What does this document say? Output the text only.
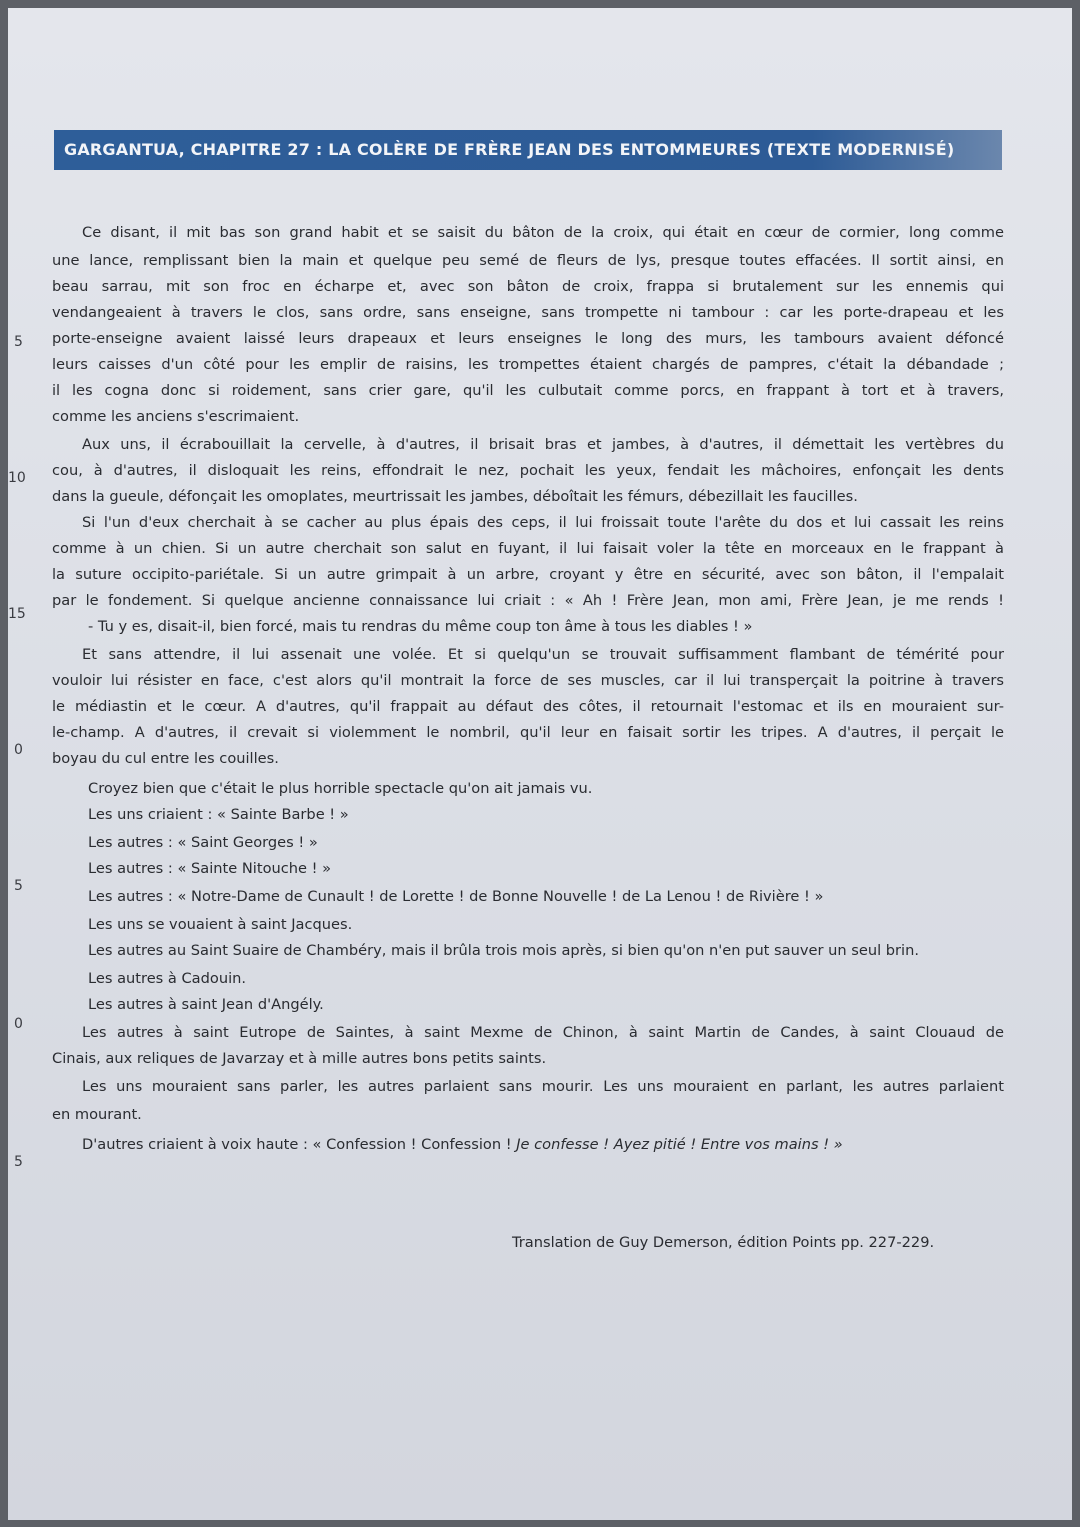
GARGANTUA, CHAPITRE 27 : LA COLÈRE DE FRÈRE JEAN DES ENTOMMEURES (TEXTE MODERNISÉ)
5
10
15
0
5
0
5
Ce disant, il mit bas son grand habit et se saisit du bâton de la croix, qui était en cœur de cormier, long comme
une lance, remplissant bien la main et quelque peu semé de fleurs de lys, presque toutes effacées. Il sortit ainsi, en
beau sarrau, mit son froc en écharpe et, avec son bâton de croix, frappa si brutalement sur les ennemis qui
vendangeaient à travers le clos, sans ordre, sans enseigne, sans trompette ni tambour : car les porte-drapeau et les
porte-enseigne avaient laissé leurs drapeaux et leurs enseignes le long des murs, les tambours avaient défoncé
leurs caisses d'un côté pour les emplir de raisins, les trompettes étaient chargés de pampres, c'était la débandade ;
il les cogna donc si roidement, sans crier gare, qu'il les culbutait comme porcs, en frappant à tort et à travers,
comme les anciens s'escrimaient.
Aux uns, il écrabouillait la cervelle, à d'autres, il brisait bras et jambes, à d'autres, il démettait les vertèbres du
cou, à d'autres, il disloquait les reins, effondrait le nez, pochait les yeux, fendait les mâchoires, enfonçait les dents
dans la gueule, défonçait les omoplates, meurtrissait les jambes, déboîtait les fémurs, débezillait les faucilles.
Si l'un d'eux cherchait à se cacher au plus épais des ceps, il lui froissait toute l'arête du dos et lui cassait les reins
comme à un chien. Si un autre cherchait son salut en fuyant, il lui faisait voler la tête en morceaux en le frappant à
la suture occipito-pariétale. Si un autre grimpait à un arbre, croyant y être en sécurité, avec son bâton, il l'empalait
par le fondement. Si quelque ancienne connaissance lui criait : « Ah ! Frère Jean, mon ami, Frère Jean, je me rends !
- Tu y es, disait-il, bien forcé, mais tu rendras du même coup ton âme à tous les diables ! »
Et sans attendre, il lui assenait une volée. Et si quelqu'un se trouvait suffisamment flambant de témérité pour
vouloir lui résister en face, c'est alors qu'il montrait la force de ses muscles, car il lui transperçait la poitrine à travers
le médiastin et le cœur. A d'autres, qu'il frappait au défaut des côtes, il retournait l'estomac et ils en mouraient sur-
le-champ. A d'autres, il crevait si violemment le nombril, qu'il leur en faisait sortir les tripes. A d'autres, il perçait le
boyau du cul entre les couilles.
Croyez bien que c'était le plus horrible spectacle qu'on ait jamais vu.
Les uns criaient : « Sainte Barbe ! »
Les autres : « Saint Georges ! »
Les autres : « Sainte Nitouche ! »
Les autres : « Notre-Dame de Cunault ! de Lorette ! de Bonne Nouvelle ! de La Lenou ! de Rivière ! »
Les uns se vouaient à saint Jacques.
Les autres au Saint Suaire de Chambéry, mais il brûla trois mois après, si bien qu'on n'en put sauver un seul brin.
Les autres à Cadouin.
Les autres à saint Jean d'Angély.
Les autres à saint Eutrope de Saintes, à saint Mexme de Chinon, à saint Martin de Candes, à saint Clouaud de
Cinais, aux reliques de Javarzay et à mille autres bons petits saints.
Les uns mouraient sans parler, les autres parlaient sans mourir. Les uns mouraient en parlant, les autres parlaient
en mourant.
D'autres criaient à voix haute : « Confession ! Confession ! Je confesse ! Ayez pitié ! Entre vos mains ! »
Translation de Guy Demerson, édition Points pp. 227-229.
